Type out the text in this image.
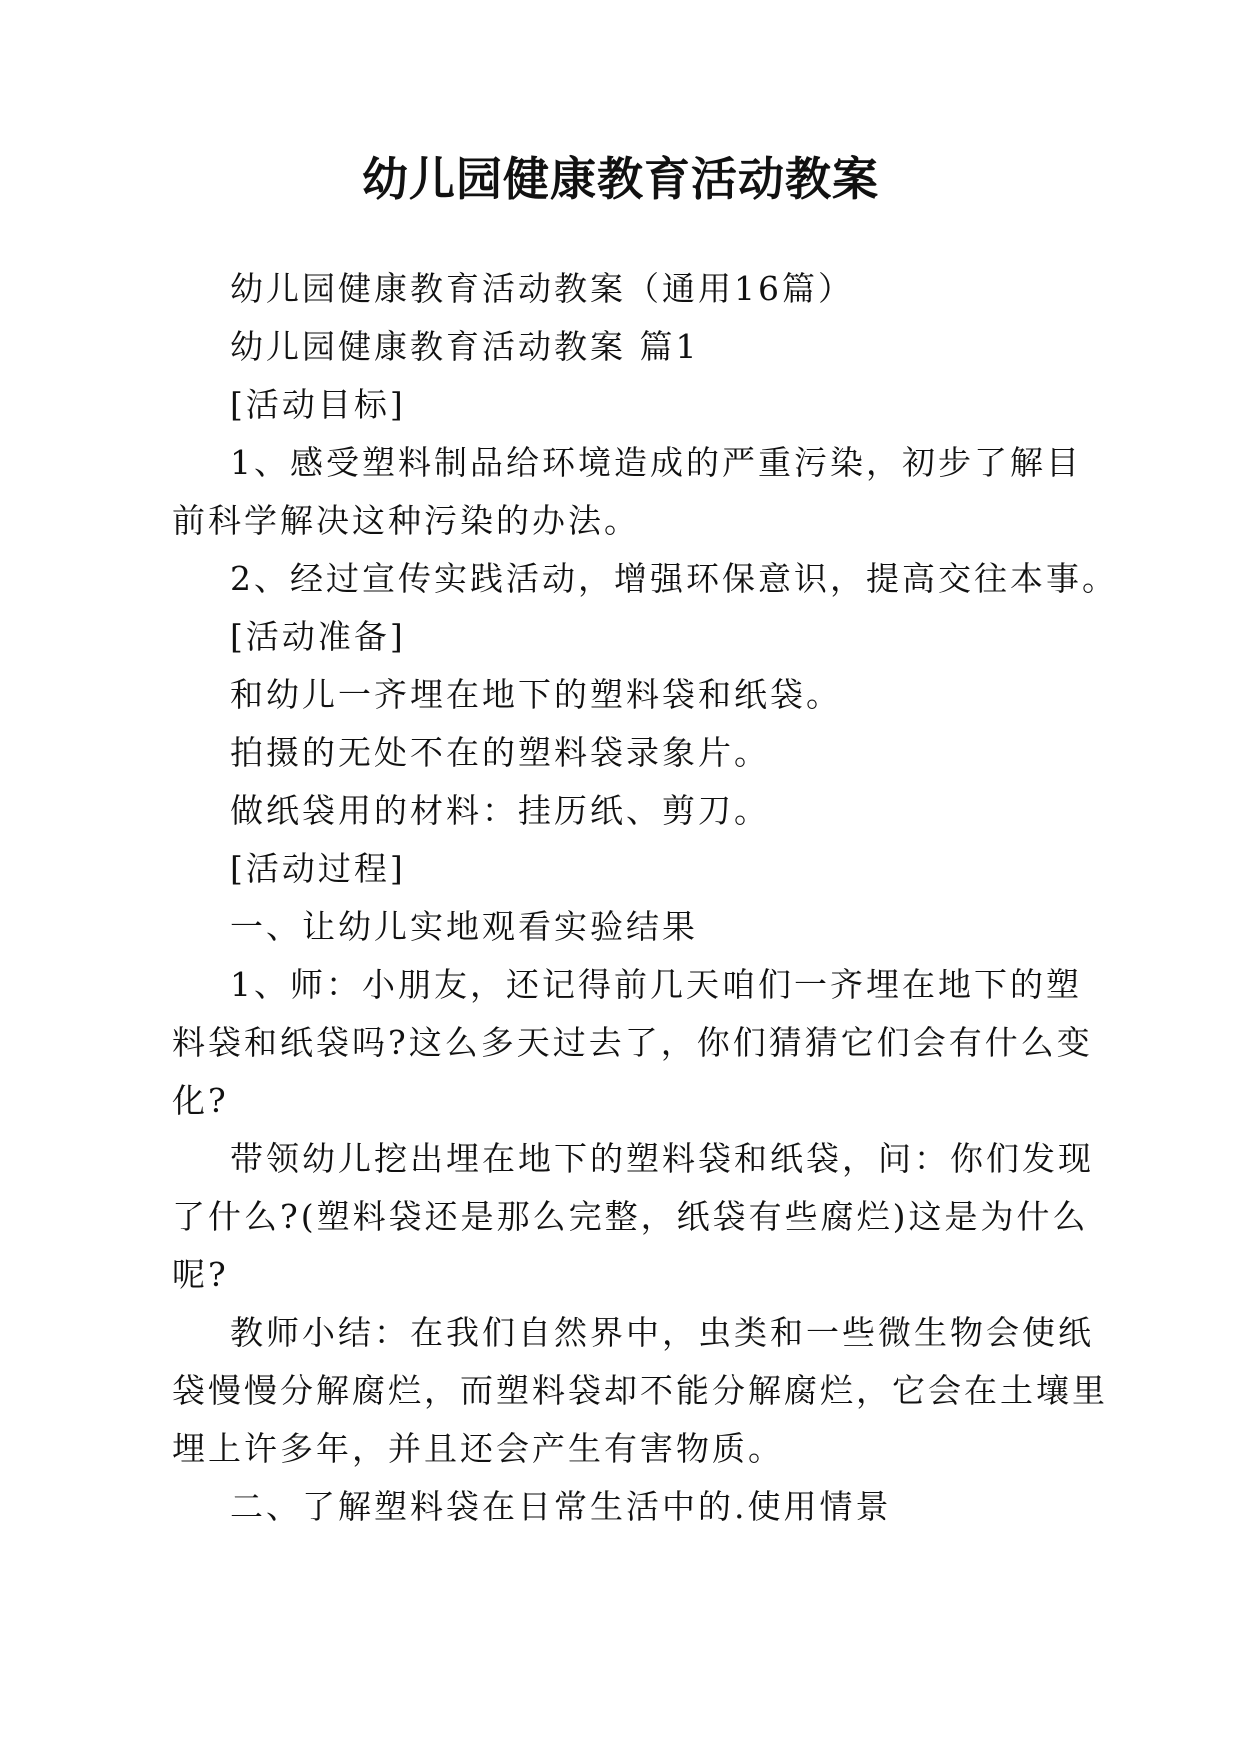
幼儿园健康教育活动教案

幼儿园健康教育活动教案（通用16篇）

幼儿园健康教育活动教案 篇1

[活动目标]

1、感受塑料制品给环境造成的严重污染，初步了解目
前科学解决这种污染的办法。

2、经过宣传实践活动，增强环保意识，提高交往本事。

[活动准备]

和幼儿一齐埋在地下的塑料袋和纸袋。

拍摄的无处不在的塑料袋录象片。

做纸袋用的材料：挂历纸、剪刀。

[活动过程]

一、让幼儿实地观看实验结果

1、师：小朋友，还记得前几天咱们一齐埋在地下的塑
料袋和纸袋吗?这么多天过去了，你们猜猜它们会有什么变
化?

带领幼儿挖出埋在地下的塑料袋和纸袋，问：你们发现
了什么?(塑料袋还是那么完整，纸袋有些腐烂)这是为什么
呢?

教师小结：在我们自然界中，虫类和一些微生物会使纸
袋慢慢分解腐烂，而塑料袋却不能分解腐烂，它会在土壤里
埋上许多年，并且还会产生有害物质。

二、了解塑料袋在日常生活中的.使用情景
